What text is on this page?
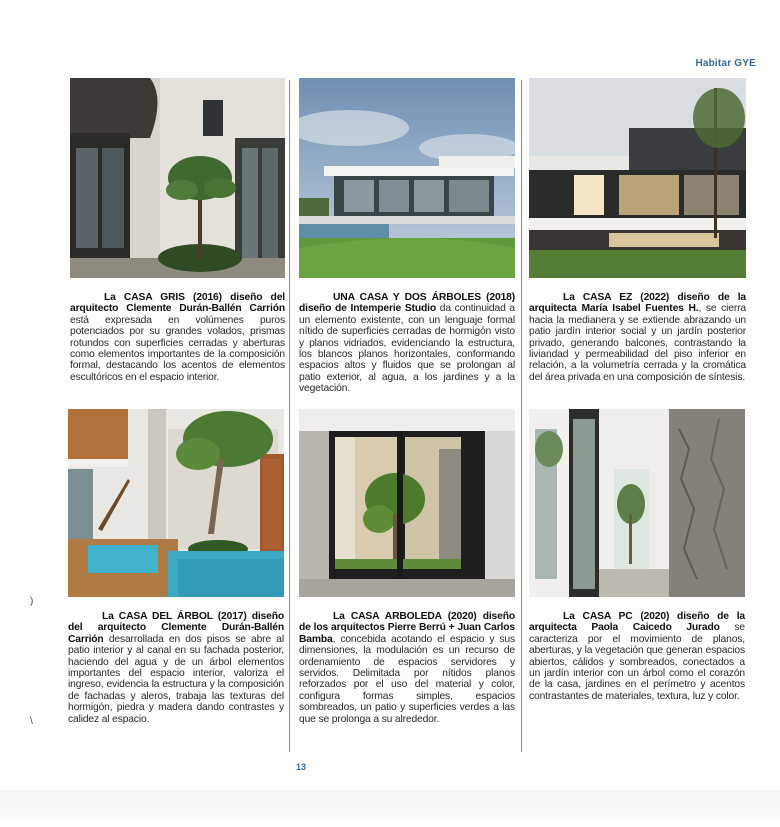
Habitar GYE
La CASA GRIS (2016) diseño del arquitecto Clemente Durán-Ballén Carrión está expresada en volúmenes puros potenciados por su grandes volados, prismas rotundos con superficies cerradas y aberturas como elementos importantes de la composición formal, destacando los acentos de elementos escultóricos en el espacio interior.
UNA CASA Y DOS ÁRBOLES (2018) diseño de Intemperie Studio da continuidad a un elemento existente, con un lenguaje formal nítido de superficies cerradas de hormigón visto y planos vidriados, evidenciando la estructura, los blancos planos horizontales, conformando espacios altos y fluidos que se prolongan al patio exterior, al agua, a los jardines y a la vegetación.
La CASA EZ (2022) diseño de la arquitecta María Isabel Fuentes H., se cierra hacia la medianera y se extiende abrazando un patio jardín interior social y un jardín posterior privado, generando balcones, contrastando la liviandad y permeabilidad del piso inferior en relación, a la volumetría cerrada y la cromática del área privada en una composición de síntesis.
La CASA DEL ÁRBOL (2017) diseño del arquitecto Clemente Durán-Ballén Carrión desarrollada en dos pisos se abre al patio interior y al canal en su fachada posterior, haciendo del agua y de un árbol elementos importantes del espacio interior, valoriza el ingreso, evidencia la estructura y la composición de fachadas y aleros, trabaja las texturas del hormigón, piedra y madera dando contrastes y calidez al espacio.
La CASA ARBOLEDA (2020) diseño de los arquitectos Pierre Berrú + Juan Carlos Bamba, concebida acotando el espacio y sus dimensiones, la modulación es un recurso de ordenamiento de espacios servidores y servidos. Delimitada por nítidos planos reforzados por el uso del material y color, configura formas simples, espacios sombreados, un patio y superficies verdes a las que se prolonga a su alrededor.
La CASA PC (2020) diseño de la arquitecta Paola Caicedo Jurado se caracteriza por el movimiento de planos, aberturas, y la vegetación que generan espacios abiertos, cálidos y sombreados, conectados a un jardín interior con un árbol como el corazón de la casa, jardines en el perímetro y acentos contrastantes de materiales, textura, luz y color.
)
\
13
